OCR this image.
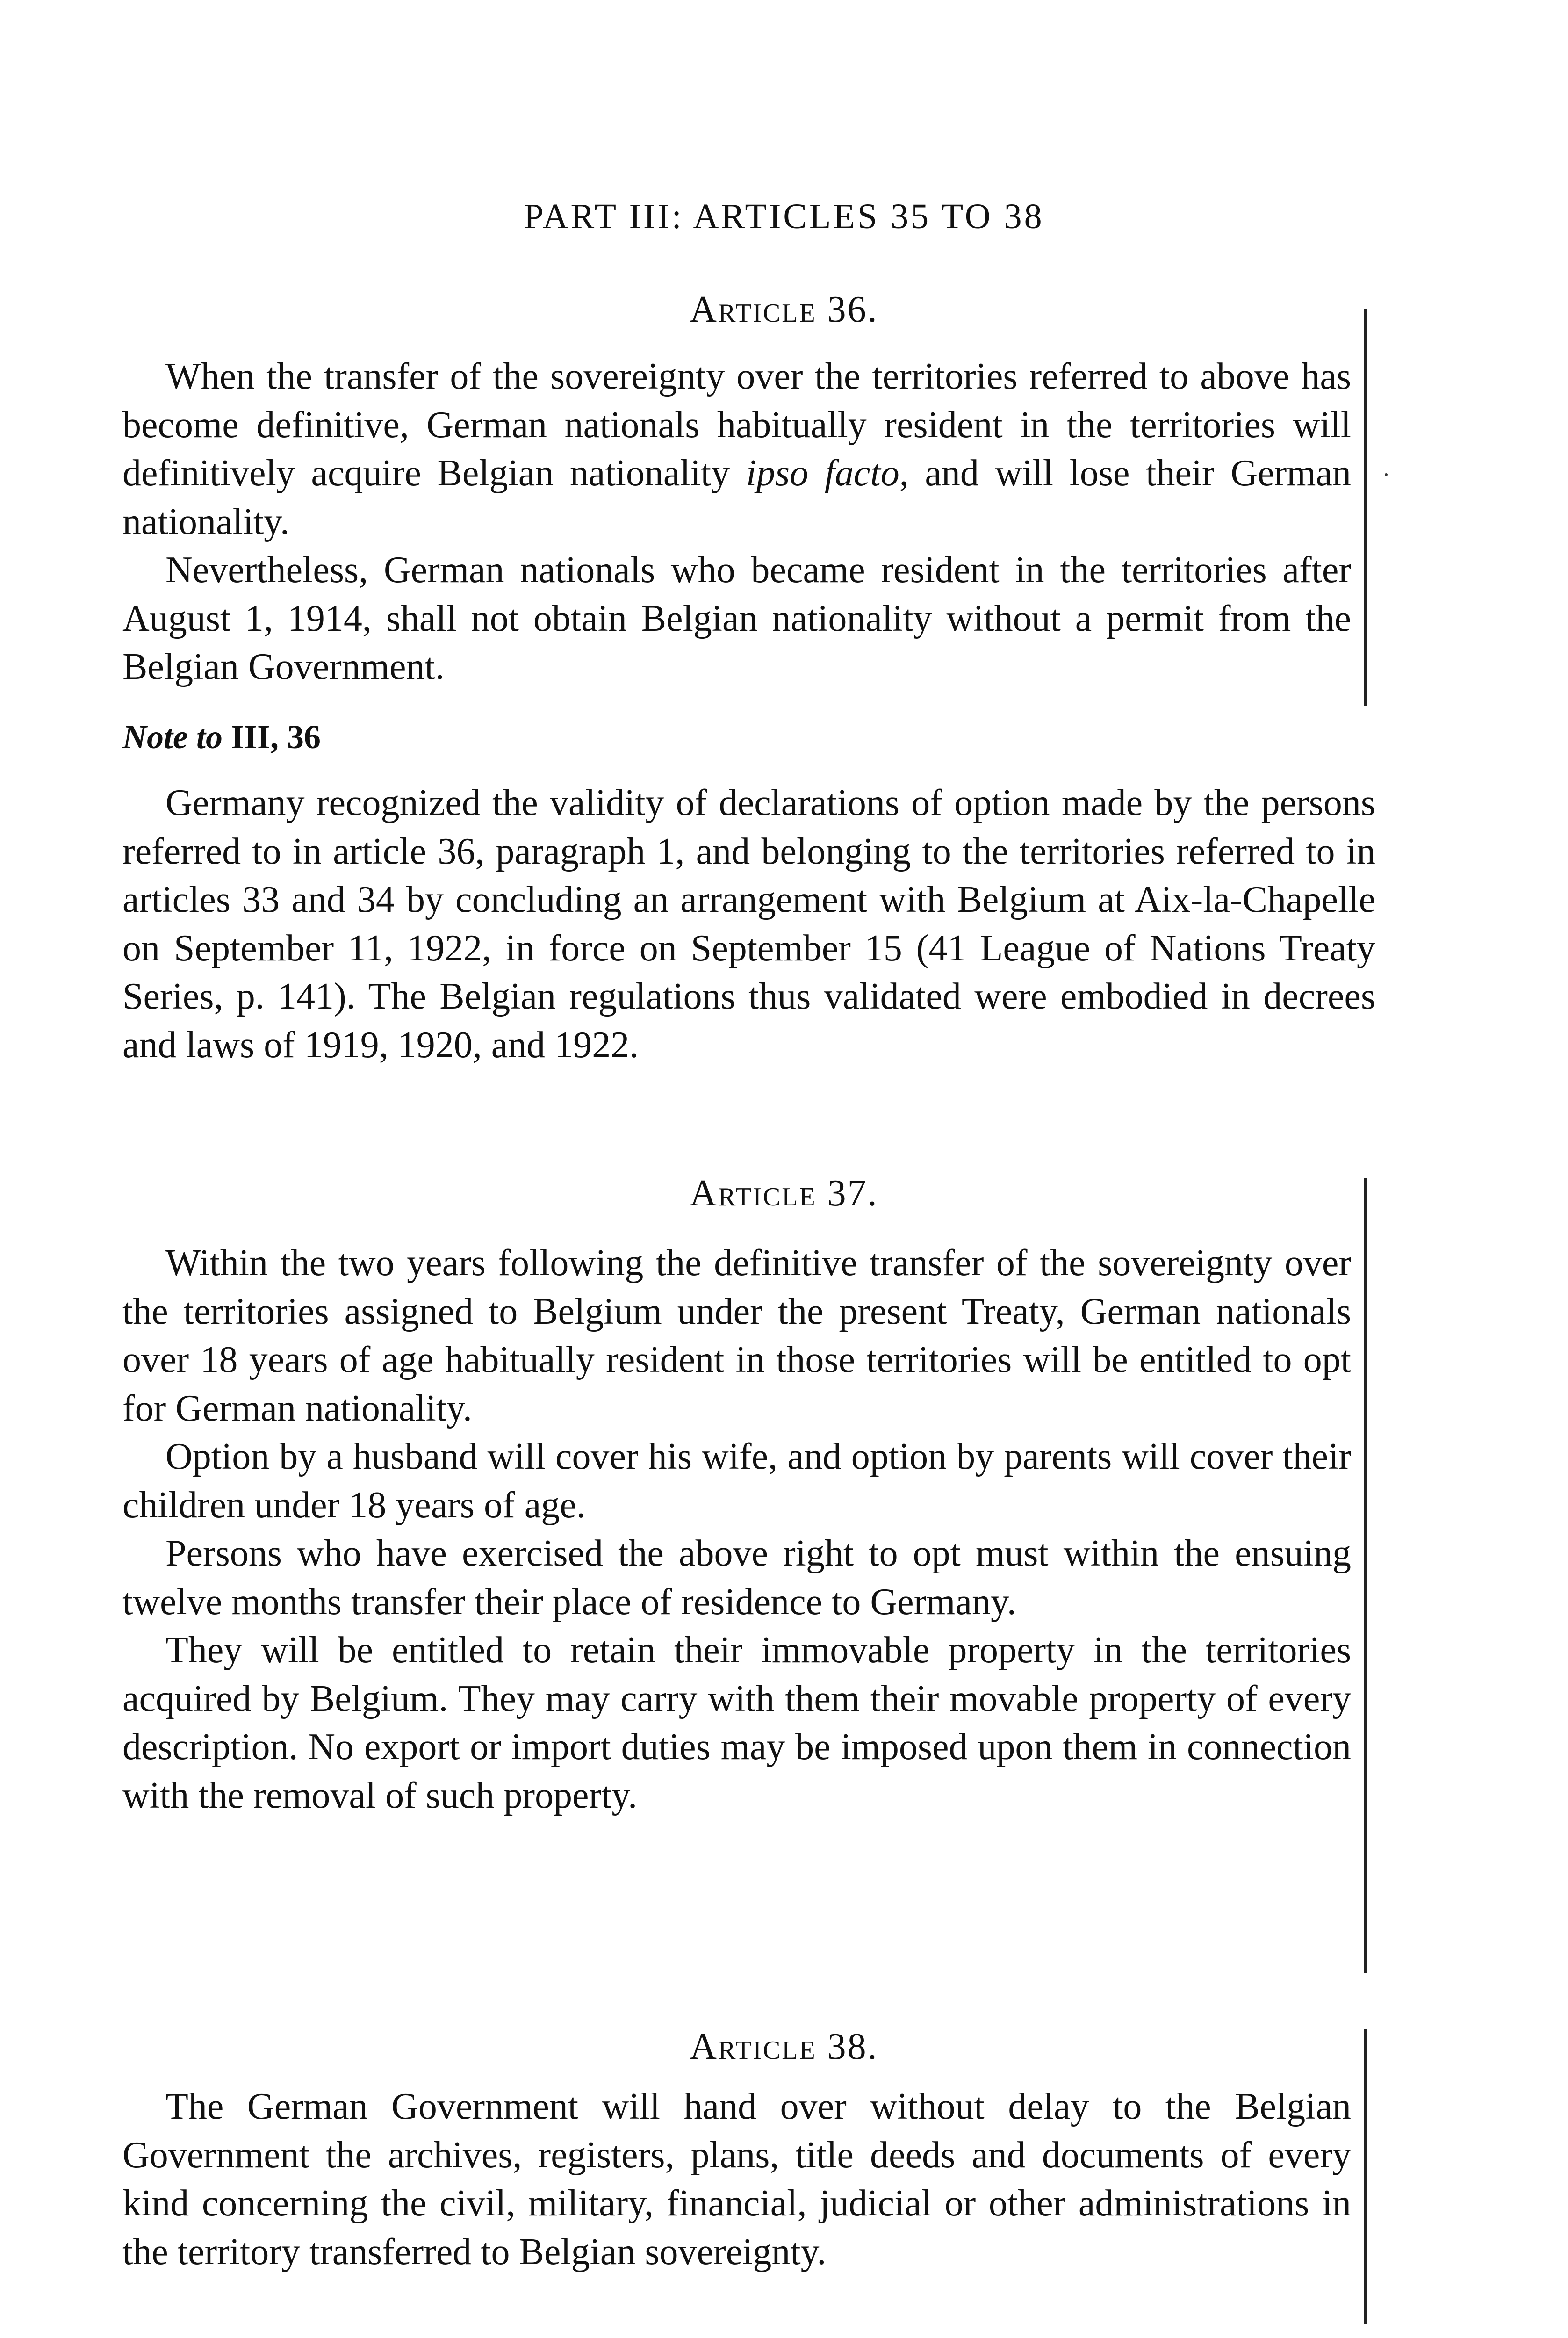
PART III: ARTICLES 35 TO 38
Article 36.

When the transfer of the sovereignty over the territories referred to above has become definitive, German nationals habitually resident in the territories will definitively acquire Belgian nationality ipso facto, and will lose their German nationality.

Nevertheless, German nationals who became resident in the territories after August 1, 1914, shall not obtain Belgian nationality without a permit from the Belgian Government.

Note to III, 36

Germany recognized the validity of declarations of option made by the persons referred to in article 36, paragraph 1, and belonging to the territories referred to in articles 33 and 34 by concluding an arrangement with Belgium at Aix-la-Chapelle on September 11, 1922, in force on September 15 (41 League of Nations Treaty Series, p. 141). The Belgian regulations thus validated were embodied in decrees and laws of 1919, 1920, and 1922.

Article 37.

Within the two years following the definitive transfer of the sovereignty over the territories assigned to Belgium under the present Treaty, German nationals over 18 years of age habitually resident in those territories will be entitled to opt for German nationality.

Option by a husband will cover his wife, and option by parents will cover their children under 18 years of age.

Persons who have exercised the above right to opt must within the ensuing twelve months transfer their place of residence to Germany.

They will be entitled to retain their immovable property in the territories acquired by Belgium. They may carry with them their movable property of every description. No export or import duties may be imposed upon them in connection with the removal of such property.

Article 38.

The German Government will hand over without delay to the Belgian Government the archives, registers, plans, title deeds and documents of every kind concerning the civil, military, financial, judicial or other administrations in the territory transferred to Belgian sovereignty.
